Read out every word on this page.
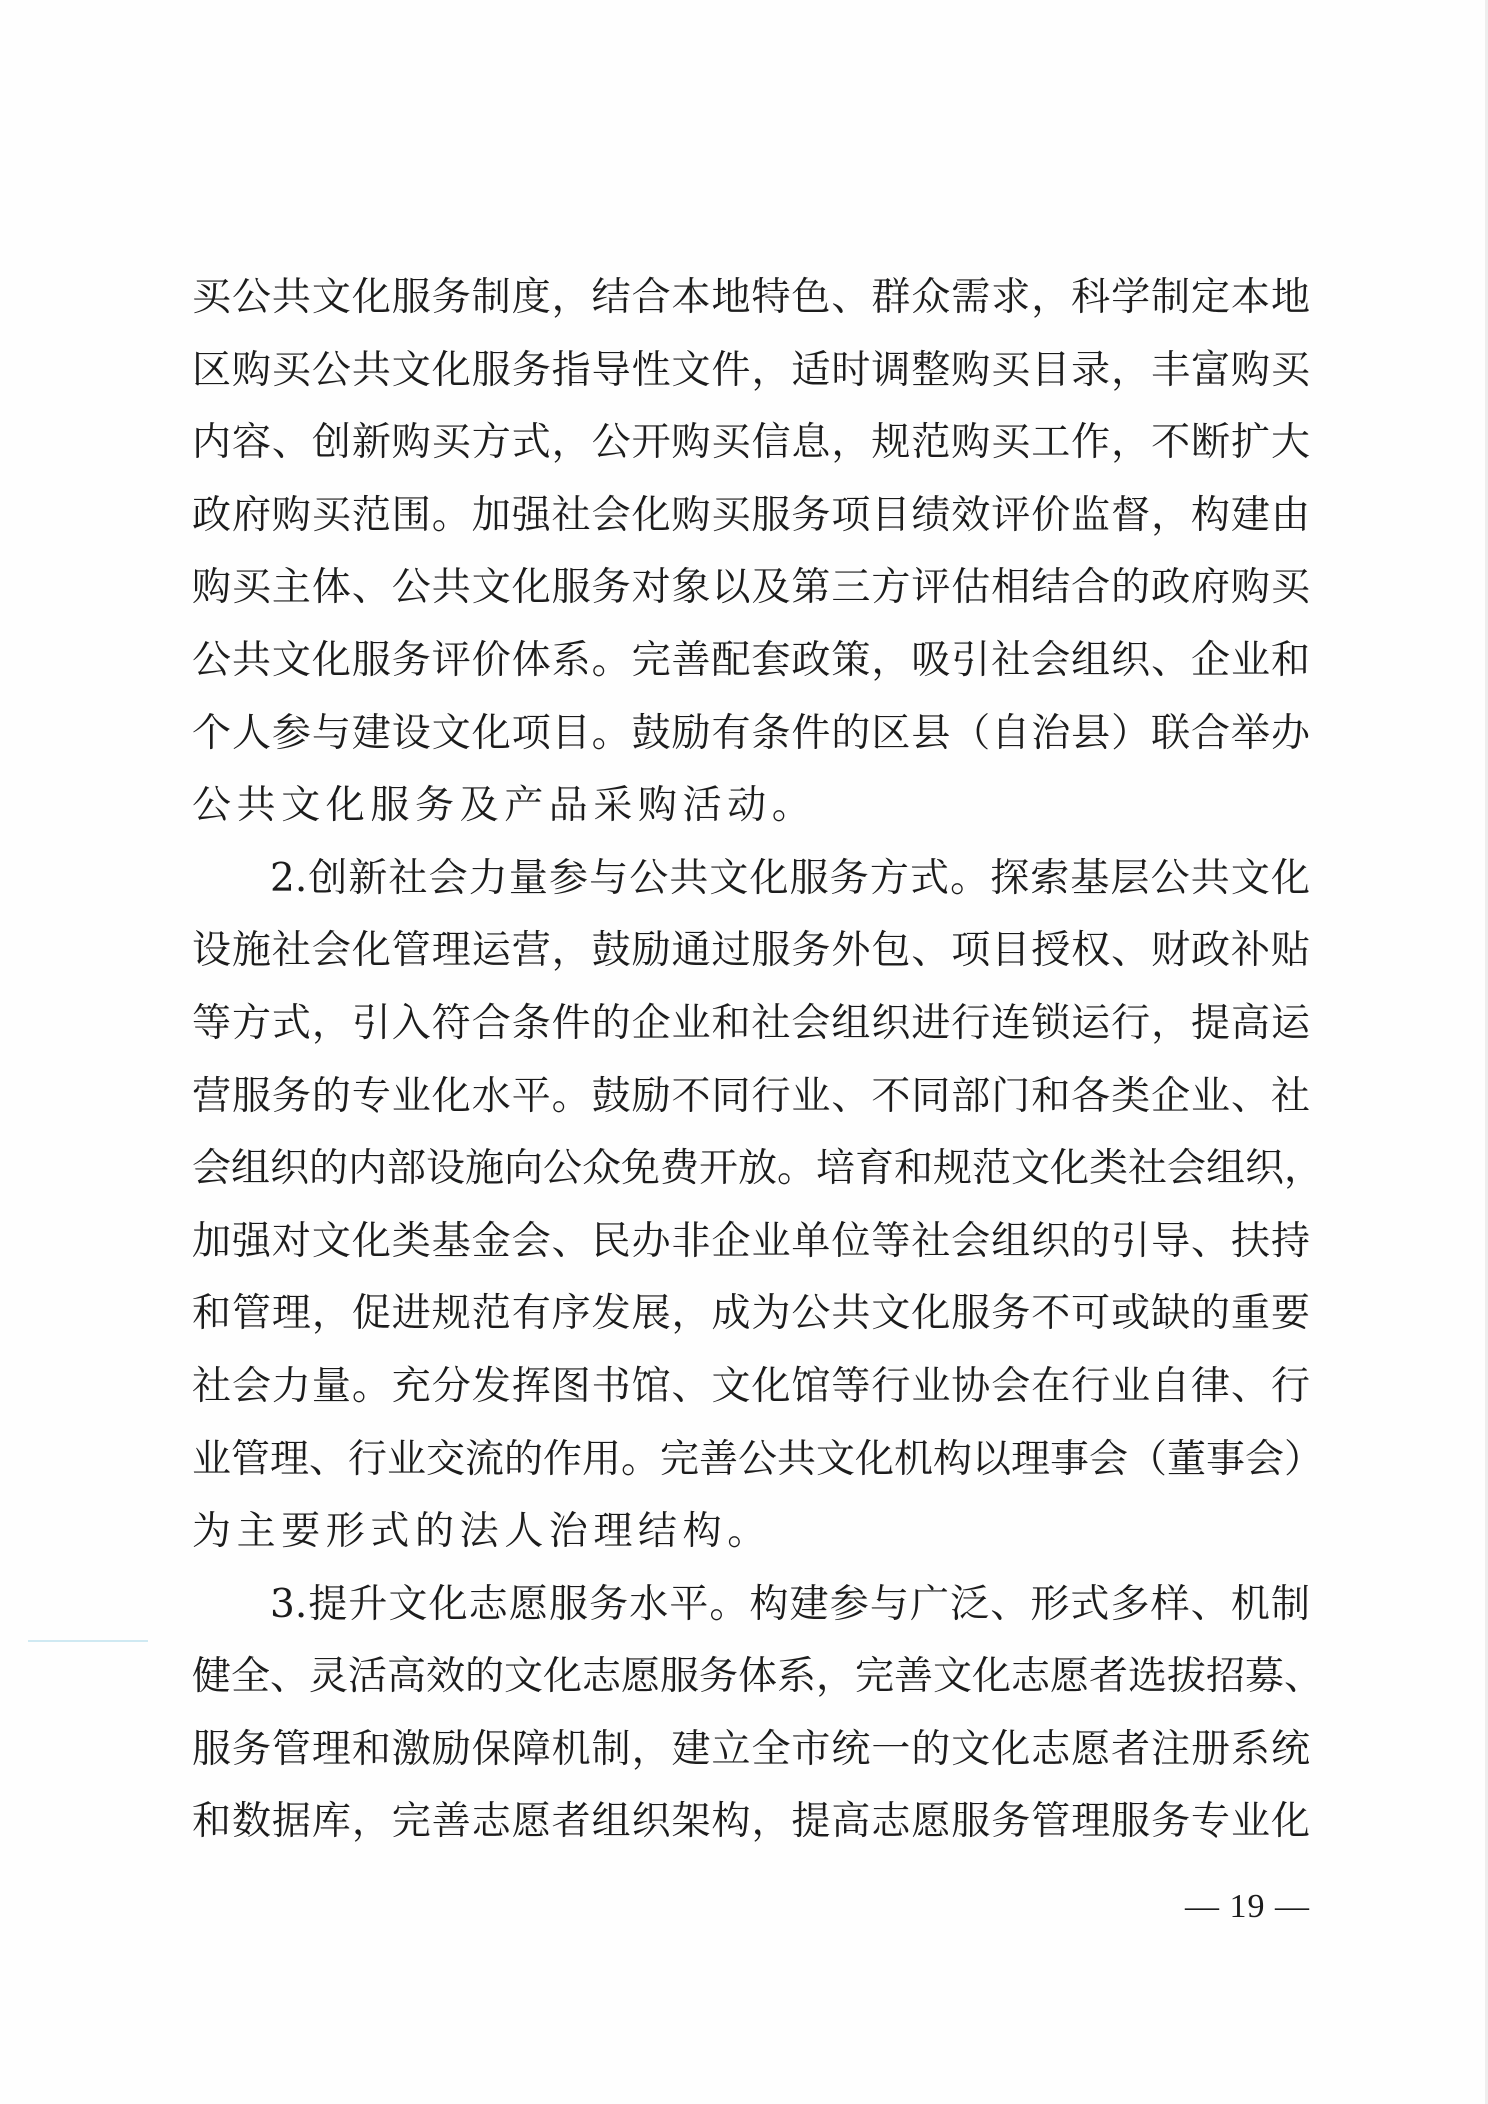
买公共文化服务制度，结合本地特色、群众需求，科学制定本地
区购买公共文化服务指导性文件，适时调整购买目录，丰富购买
内容、创新购买方式，公开购买信息，规范购买工作，不断扩大
政府购买范围。加强社会化购买服务项目绩效评价监督，构建由
购买主体、公共文化服务对象以及第三方评估相结合的政府购买
公共文化服务评价体系。完善配套政策，吸引社会组织、企业和
个人参与建设文化项目。鼓励有条件的区县（自治县）联合举办
公共文化服务及产品采购活动。
2.创新社会力量参与公共文化服务方式。探索基层公共文化
设施社会化管理运营，鼓励通过服务外包、项目授权、财政补贴
等方式，引入符合条件的企业和社会组织进行连锁运行，提高运
营服务的专业化水平。鼓励不同行业、不同部门和各类企业、社
会组织的内部设施向公众免费开放。培育和规范文化类社会组织，
加强对文化类基金会、民办非企业单位等社会组织的引导、扶持
和管理，促进规范有序发展，成为公共文化服务不可或缺的重要
社会力量。充分发挥图书馆、文化馆等行业协会在行业自律、行
业管理、行业交流的作用。完善公共文化机构以理事会（董事会）
为主要形式的法人治理结构。
3.提升文化志愿服务水平。构建参与广泛、形式多样、机制
健全、灵活高效的文化志愿服务体系，完善文化志愿者选拔招募、
服务管理和激励保障机制，建立全市统一的文化志愿者注册系统
和数据库，完善志愿者组织架构，提高志愿服务管理服务专业化
— 19 —
